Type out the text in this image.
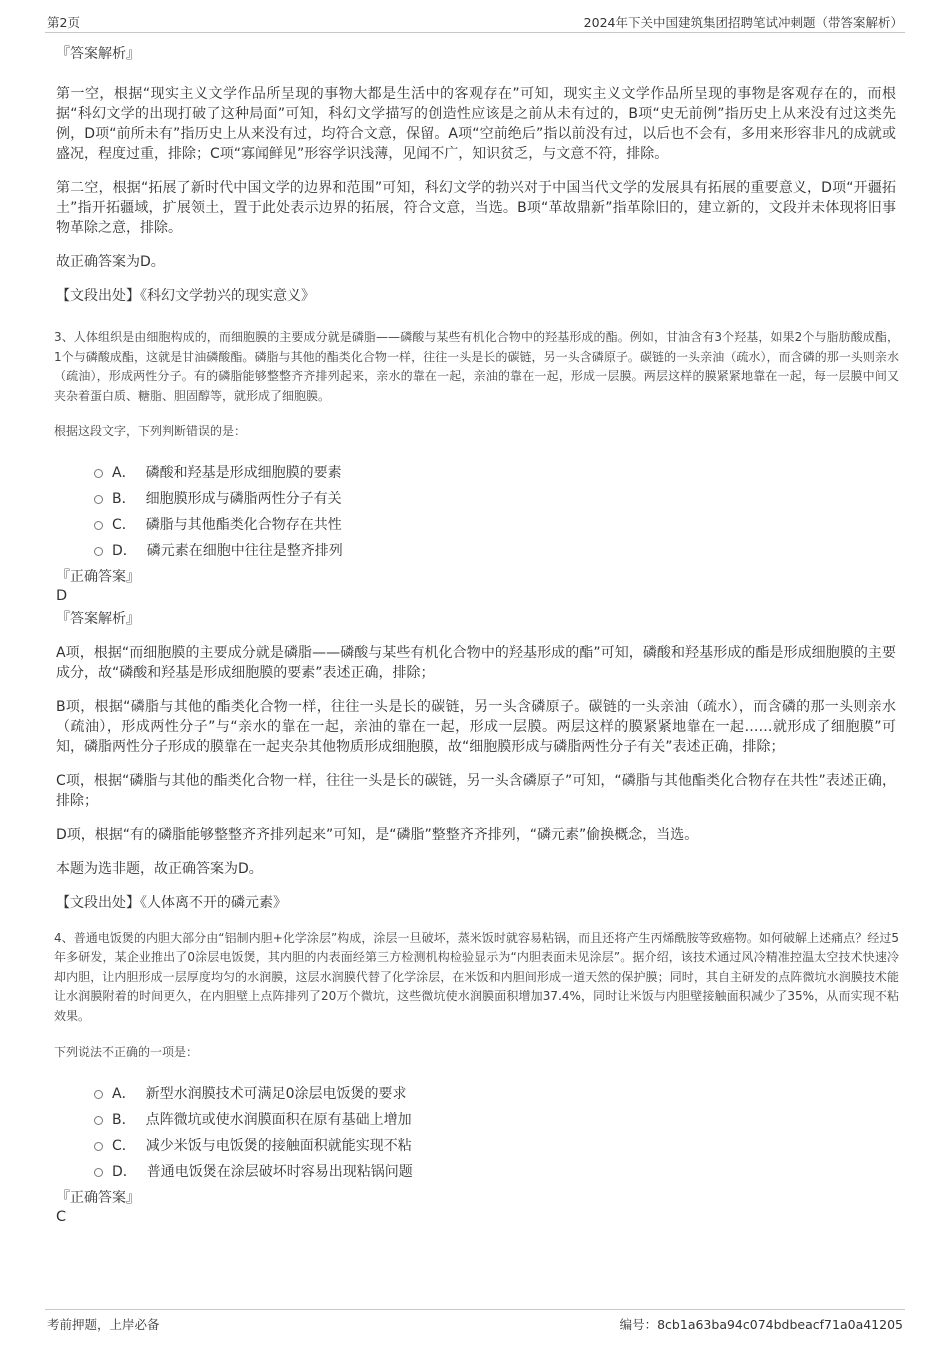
第2页	2024年下关中国建筑集团招聘笔试冲刺题（带答案解析）

『答案解析』

第一空，根据“现实主义文学作品所呈现的事物大都是生活中的客观存在”可知，现实主义文学作品所呈现的事物是客观存在的，而根据“科幻文学的出现打破了这种局面”可知，科幻文学描写的创造性应该是之前从未有过的，B项“史无前例”指历史上从来没有过这类先例，D项“前所未有”指历史上从来没有过，均符合文意，保留。A项“空前绝后”指以前没有过，以后也不会有，多用来形容非凡的成就或盛况，程度过重，排除；C项“寡闻鲜见”形容学识浅薄，见闻不广，知识贫乏，与文意不符，排除。

第二空，根据“拓展了新时代中国文学的边界和范围”可知，科幻文学的勃兴对于中国当代文学的发展具有拓展的重要意义，D项“开疆拓土”指开拓疆域，扩展领土，置于此处表示边界的拓展，符合文意，当选。B项“革故鼎新”指革除旧的，建立新的，文段并未体现将旧事物革除之意，排除。

故正确答案为D。

【文段出处】《科幻文学勃兴的现实意义》

3、人体组织是由细胞构成的，而细胞膜的主要成分就是磷脂——磷酸与某些有机化合物中的羟基形成的酯。例如，甘油含有3个羟基，如果2个与脂肪酸成酯，1个与磷酸成酯，这就是甘油磷酸酯。磷脂与其他的酯类化合物一样，往往一头是长的碳链，另一头含磷原子。碳链的一头亲油（疏水），而含磷的那一头则亲水（疏油），形成两性分子。有的磷脂能够整整齐齐排列起来，亲水的靠在一起，亲油的靠在一起，形成一层膜。两层这样的膜紧紧地靠在一起，每一层膜中间又夹杂着蛋白质、糖脂、胆固醇等，就形成了细胞膜。

根据这段文字，下列判断错误的是：

A． 磷酸和羟基是形成细胞膜的要素
B． 细胞膜形成与磷脂两性分子有关
C． 磷脂与其他酯类化合物存在共性
D． 磷元素在细胞中往往是整齐排列

『正确答案』

D

『答案解析』

A项，根据“而细胞膜的主要成分就是磷脂——磷酸与某些有机化合物中的羟基形成的酯”可知，磷酸和羟基形成的酯是形成细胞膜的主要成分，故“磷酸和羟基是形成细胞膜的要素”表述正确，排除；

B项，根据“磷脂与其他的酯类化合物一样，往往一头是长的碳链，另一头含磷原子。碳链的一头亲油（疏水），而含磷的那一头则亲水（疏油），形成两性分子”与“亲水的靠在一起，亲油的靠在一起，形成一层膜。两层这样的膜紧紧地靠在一起……就形成了细胞膜”可知，磷脂两性分子形成的膜靠在一起夹杂其他物质形成细胞膜，故“细胞膜形成与磷脂两性分子有关”表述正确，排除；

C项，根据“磷脂与其他的酯类化合物一样，往往一头是长的碳链，另一头含磷原子”可知，“磷脂与其他酯类化合物存在共性”表述正确，排除；

D项，根据“有的磷脂能够整整齐齐排列起来”可知，是“磷脂”整整齐齐排列，“磷元素”偷换概念，当选。

本题为选非题，故正确答案为D。

【文段出处】《人体离不开的磷元素》

4、普通电饭煲的内胆大部分由“铝制内胆+化学涂层”构成，涂层一旦破坏，蒸米饭时就容易粘锅，而且还将产生丙烯酰胺等致癌物。如何破解上述痛点？经过5年多研发，某企业推出了0涂层电饭煲，其内胆的内表面经第三方检测机构检验显示为“内胆表面未见涂层”。据介绍，该技术通过风冷精准控温太空技术快速冷却内胆，让内胆形成一层厚度均匀的水润膜，这层水润膜代替了化学涂层，在米饭和内胆间形成一道天然的保护膜；同时，其自主研发的点阵微坑水润膜技术能让水润膜附着的时间更久，在内胆壁上点阵排列了20万个微坑，这些微坑使水润膜面积增加37.4%，同时让米饭与内胆壁接触面积减少了35%，从而实现不粘效果。

下列说法不正确的一项是：

A． 新型水润膜技术可满足0涂层电饭煲的要求
B． 点阵微坑或使水润膜面积在原有基础上增加
C． 减少米饭与电饭煲的接触面积就能实现不粘
D． 普通电饭煲在涂层破坏时容易出现粘锅问题

『正确答案』

C

考前押题，上岸必备	编号：8cb1a63ba94c074bdbeacf71a0a41205
